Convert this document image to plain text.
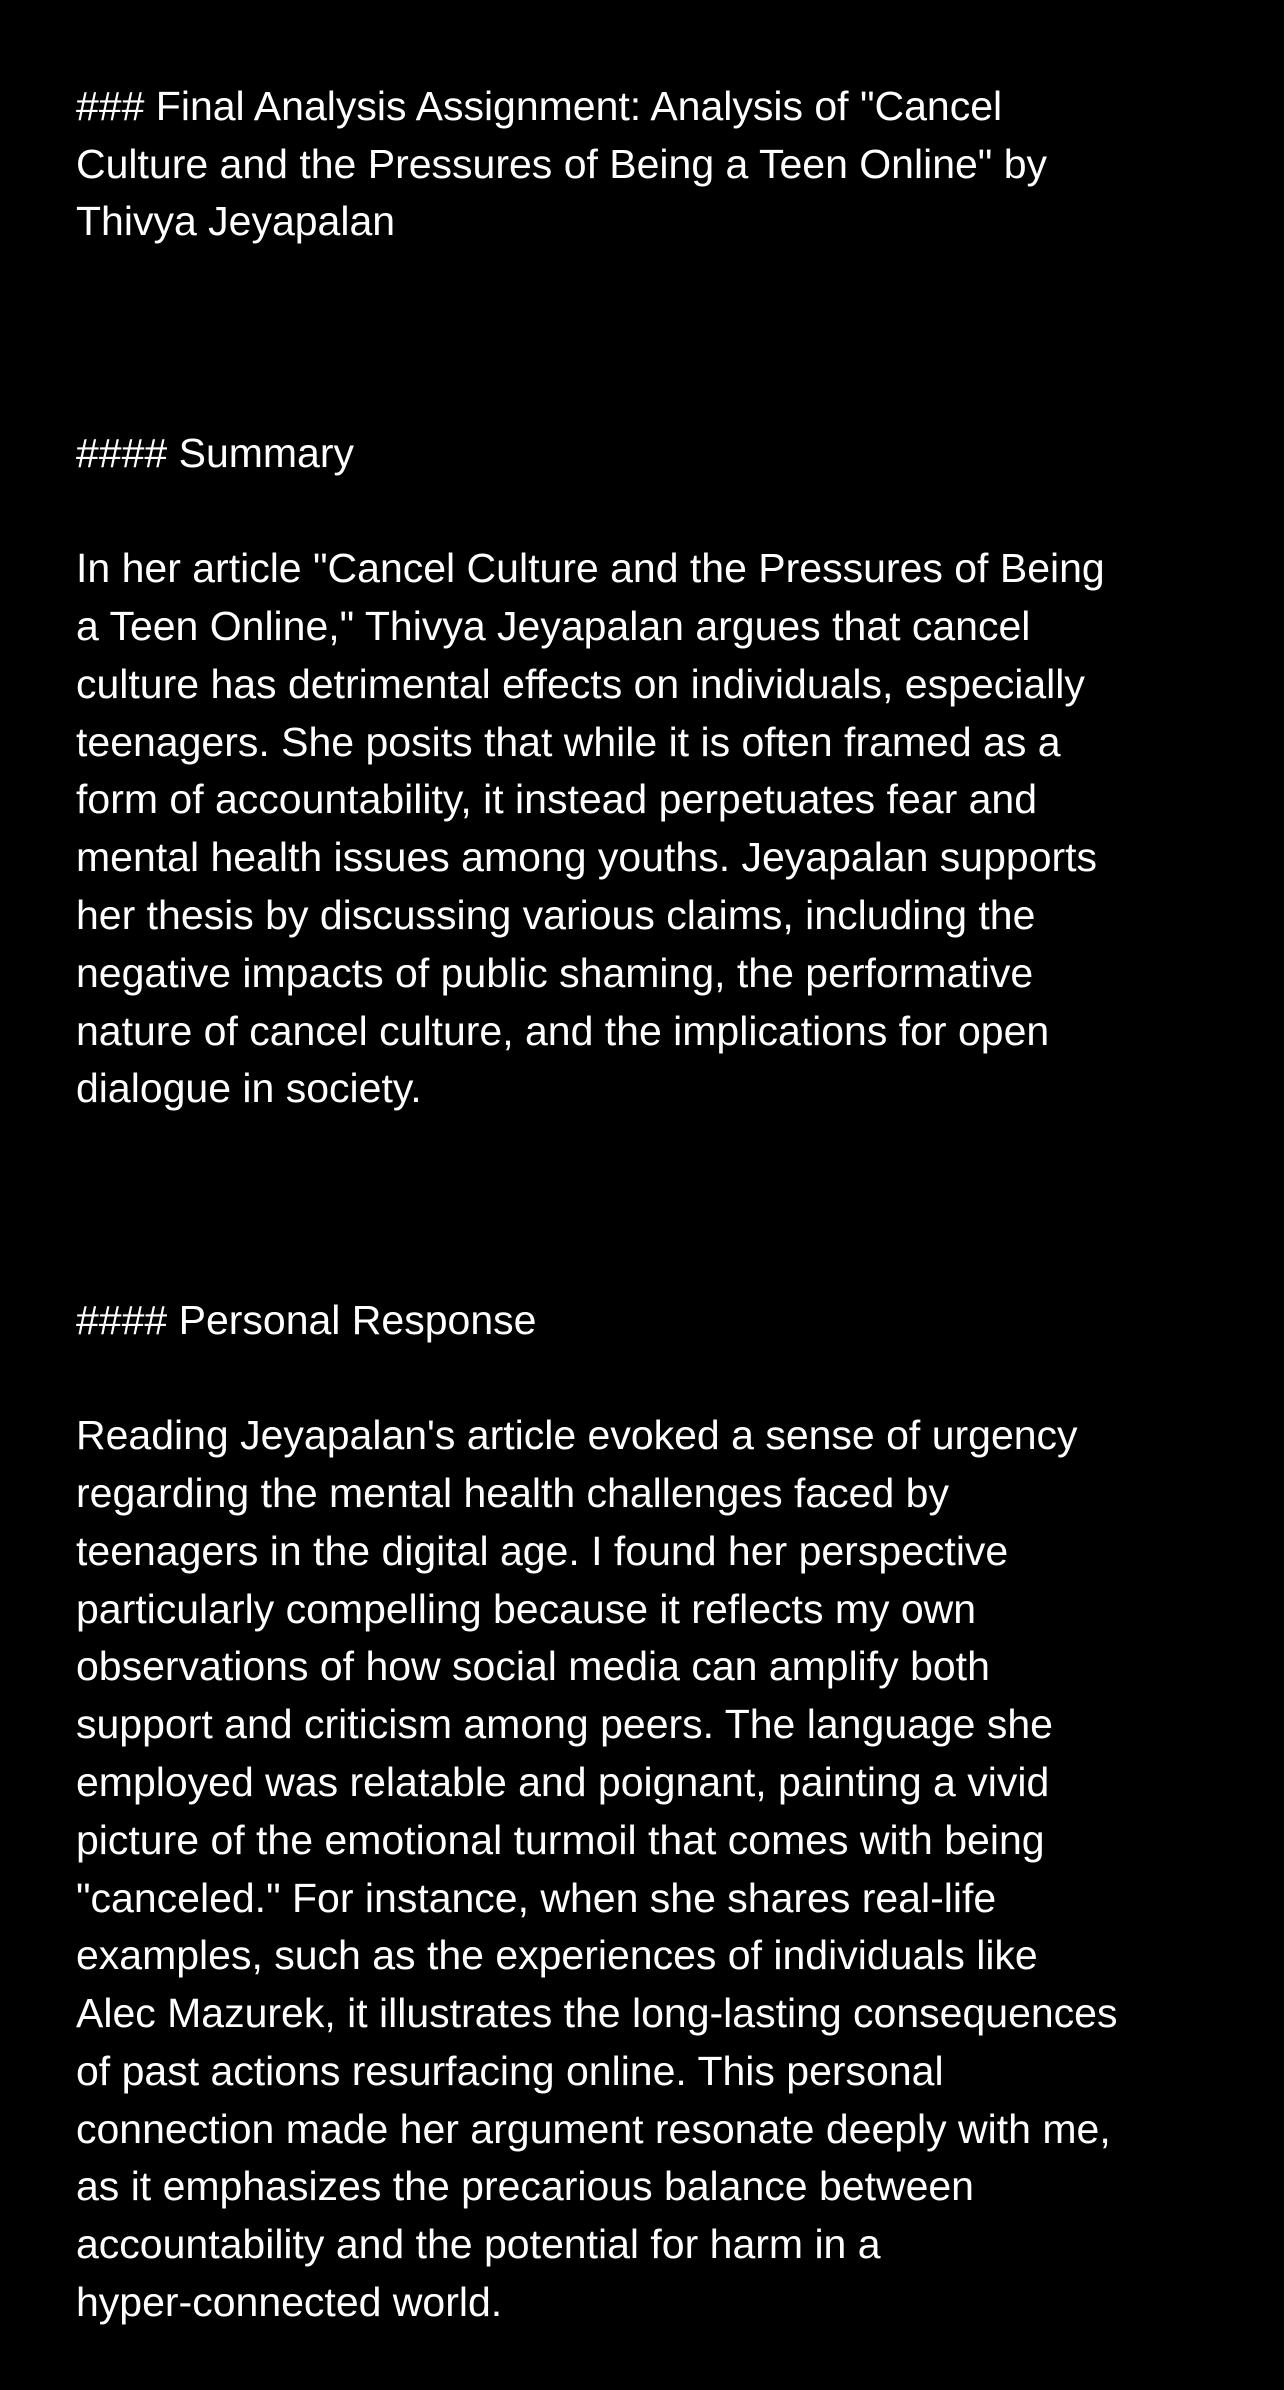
### Final Analysis Assignment: Analysis of "Cancel
Culture and the Pressures of Being a Teen Online" by
Thivya Jeyapalan

#### Summary

In her article "Cancel Culture and the Pressures of Being
a Teen Online," Thivya Jeyapalan argues that cancel
culture has detrimental effects on individuals, especially
teenagers. She posits that while it is often framed as a
form of accountability, it instead perpetuates fear and
mental health issues among youths. Jeyapalan supports
her thesis by discussing various claims, including the
negative impacts of public shaming, the performative
nature of cancel culture, and the implications for open
dialogue in society.

#### Personal Response

Reading Jeyapalan's article evoked a sense of urgency
regarding the mental health challenges faced by
teenagers in the digital age. I found her perspective
particularly compelling because it reflects my own
observations of how social media can amplify both
support and criticism among peers. The language she
employed was relatable and poignant, painting a vivid
picture of the emotional turmoil that comes with being
"canceled." For instance, when she shares real-life
examples, such as the experiences of individuals like
Alec Mazurek, it illustrates the long-lasting consequences
of past actions resurfacing online. This personal
connection made her argument resonate deeply with me,
as it emphasizes the precarious balance between
accountability and the potential for harm in a
hyper-connected world.
